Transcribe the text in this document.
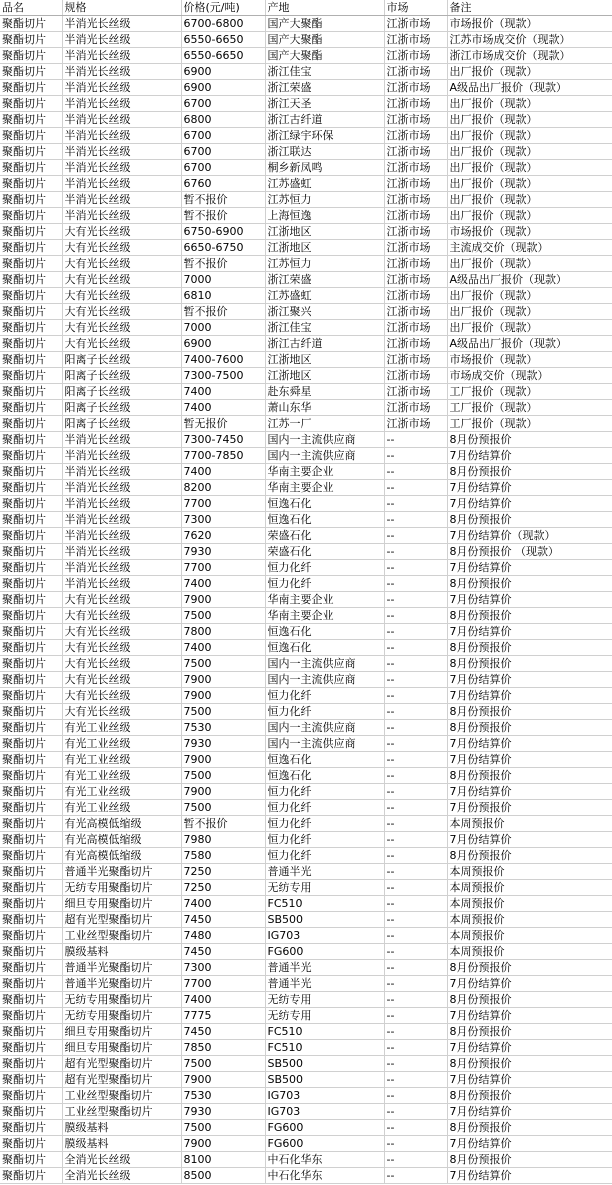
品名	规格	价格(元/吨)	产地	市场	备注
聚酯切片	半消光长丝级	6700-6800	国产大聚酯	江浙市场	市场报价（现款）
聚酯切片	半消光长丝级	6550-6650	国产大聚酯	江浙市场	江苏市场成交价（现款）
聚酯切片	半消光长丝级	6550-6650	国产大聚酯	江浙市场	浙江市场成交价（现款）
聚酯切片	半消光长丝级	6900	浙江佳宝	江浙市场	出厂报价（现款）
聚酯切片	半消光长丝级	6900	浙江荣盛	江浙市场	A级品出厂报价（现款）
聚酯切片	半消光长丝级	6700	浙江天圣	江浙市场	出厂报价（现款）
聚酯切片	半消光长丝级	6800	浙江古纤道	江浙市场	出厂报价（现款）
聚酯切片	半消光长丝级	6700	浙江绿宇环保	江浙市场	出厂报价（现款）
聚酯切片	半消光长丝级	6700	浙江联达	江浙市场	出厂报价（现款）
聚酯切片	半消光长丝级	6700	桐乡新凤鸣	江浙市场	出厂报价（现款）
聚酯切片	半消光长丝级	6760	江苏盛虹	江浙市场	出厂报价（现款）
聚酯切片	半消光长丝级	暂不报价	江苏恒力	江浙市场	出厂报价（现款）
聚酯切片	半消光长丝级	暂不报价	上海恒逸	江浙市场	出厂报价（现款）
聚酯切片	大有光长丝级	6750-6900	江浙地区	江浙市场	市场报价（现款）
聚酯切片	大有光长丝级	6650-6750	江浙地区	江浙市场	主流成交价（现款）
聚酯切片	大有光长丝级	暂不报价	江苏恒力	江浙市场	出厂报价（现款）
聚酯切片	大有光长丝级	7000	浙江荣盛	江浙市场	A级品出厂报价（现款）
聚酯切片	大有光长丝级	6810	江苏盛虹	江浙市场	出厂报价（现款）
聚酯切片	大有光长丝级	暂不报价	浙江聚兴	江浙市场	出厂报价（现款）
聚酯切片	大有光长丝级	7000	浙江佳宝	江浙市场	出厂报价（现款）
聚酯切片	大有光长丝级	6900	浙江古纤道	江浙市场	A级品出厂报价（现款）
聚酯切片	阳离子长丝级	7400-7600	江浙地区	江浙市场	市场报价（现款）
聚酯切片	阳离子长丝级	7300-7500	江浙地区	江浙市场	市场成交价（现款）
聚酯切片	阳离子长丝级	7400	赴东舜星	江浙市场	工厂报价（现款）
聚酯切片	阳离子长丝级	7400	萧山东华	江浙市场	工厂报价（现款）
聚酯切片	阳离子长丝级	暂无报价	江苏一厂	江浙市场	工厂报价（现款）
聚酯切片	半消光长丝级	7300-7450	国内一主流供应商	--	8月份预报价
聚酯切片	半消光长丝级	7700-7850	国内一主流供应商	--	7月份结算价
聚酯切片	半消光长丝级	7400	华南主要企业	--	8月份预报价
聚酯切片	半消光长丝级	8200	华南主要企业	--	7月份结算价
聚酯切片	半消光长丝级	7700	恒逸石化	--	7月份结算价
聚酯切片	半消光长丝级	7300	恒逸石化	--	8月份预报价
聚酯切片	半消光长丝级	7620	荣盛石化	--	7月份结算价（现款）
聚酯切片	半消光长丝级	7930	荣盛石化	--	8月份预报价 （现款）
聚酯切片	半消光长丝级	7700	恒力化纤	--	7月份结算价
聚酯切片	半消光长丝级	7400	恒力化纤	--	8月份预报价
聚酯切片	大有光长丝级	7900	华南主要企业	--	7月份结算价
聚酯切片	大有光长丝级	7500	华南主要企业	--	8月份预报价
聚酯切片	大有光长丝级	7800	恒逸石化	--	7月份结算价
聚酯切片	大有光长丝级	7400	恒逸石化	--	8月份预报价
聚酯切片	大有光长丝级	7500	国内一主流供应商	--	8月份预报价
聚酯切片	大有光长丝级	7900	国内一主流供应商	--	7月份结算价
聚酯切片	大有光长丝级	7900	恒力化纤	--	7月份结算价
聚酯切片	大有光长丝级	7500	恒力化纤	--	8月份预报价
聚酯切片	有光工业丝级	7530	国内一主流供应商	--	8月份预报价
聚酯切片	有光工业丝级	7930	国内一主流供应商	--	7月份结算价
聚酯切片	有光工业丝级	7900	恒逸石化	--	7月份结算价
聚酯切片	有光工业丝级	7500	恒逸石化	--	8月份预报价
聚酯切片	有光工业丝级	7900	恒力化纤	--	7月份结算价
聚酯切片	有光工业丝级	7500	恒力化纤	--	7月份预报价
聚酯切片	有光高模低缩级	暂不报价	恒力化纤	--	本周预报价
聚酯切片	有光高模低缩级	7980	恒力化纤	--	7月份结算价
聚酯切片	有光高模低缩级	7580	恒力化纤	--	8月份预报价
聚酯切片	普通半光聚酯切片	7250	普通半光	--	本周预报价
聚酯切片	无纺专用聚酯切片	7250	无纺专用	--	本周预报价
聚酯切片	细旦专用聚酯切片	7400	FC510	--	本周预报价
聚酯切片	超有光型聚酯切片	7450	SB500	--	本周预报价
聚酯切片	工业丝型聚酯切片	7480	IG703	--	本周预报价
聚酯切片	膜级基料	7450	FG600	--	本周预报价
聚酯切片	普通半光聚酯切片	7300	普通半光	--	8月份预报价
聚酯切片	普通半光聚酯切片	7700	普通半光	--	7月份结算价
聚酯切片	无纺专用聚酯切片	7400	无纺专用	--	8月份预报价
聚酯切片	无纺专用聚酯切片	7775	无纺专用	--	7月份结算价
聚酯切片	细旦专用聚酯切片	7450	FC510	--	8月份预报价
聚酯切片	细旦专用聚酯切片	7850	FC510	--	7月份结算价
聚酯切片	超有光型聚酯切片	7500	SB500	--	8月份预报价
聚酯切片	超有光型聚酯切片	7900	SB500	--	7月份结算价
聚酯切片	工业丝型聚酯切片	7530	IG703	--	8月份预报价
聚酯切片	工业丝型聚酯切片	7930	IG703	--	7月份结算价
聚酯切片	膜级基料	7500	FG600	--	8月份预报价
聚酯切片	膜级基料	7900	FG600	--	7月份结算价
聚酯切片	全消光长丝级	8100	中石化华东	--	8月份预报价
聚酯切片	全消光长丝级	8500	中石化华东	--	7月份结算价
